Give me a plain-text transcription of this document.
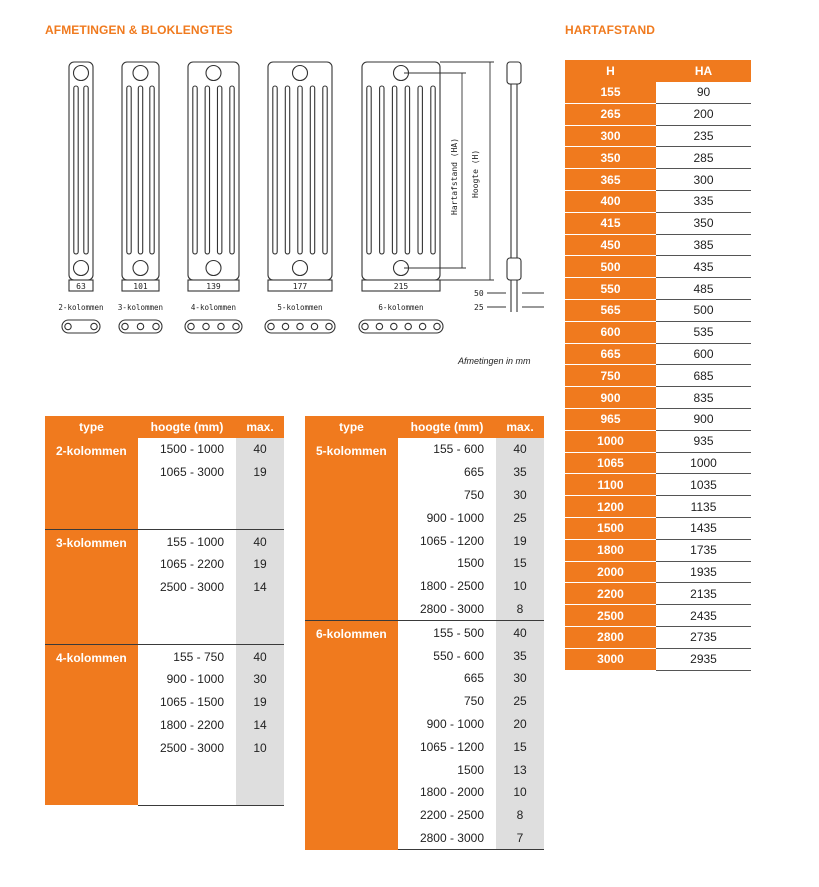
AFMETINGEN & BLOKLENGTES	HARTAFSTAND
50
25
Hartafstand (HA) Hoogte (H)
63
2-kolommen
101
3-kolommen
139
4-kolommen
177
5-kolommen
215
6-kolommen
Afmetingen in mm
type	hoogte (mm)	max.
2-kolommen	1500 - 1000	40
	1065 - 3000	19

3-kolommen	155 - 1000	40
	1065 - 2200	19
	2500 - 3000	14

4-kolommen	155 - 750	40
	900 - 1000	30
	1065 - 1500	19
	1800 - 2200	14
	2500 - 3000	10

type	hoogte (mm)	max.
5-kolommen	155 - 600	40
	665	35
	750	30
	900 - 1000	25
	1065 - 1200	19
	1500	15
	1800 - 2500	10
	2800 - 3000	8
6-kolommen	155 - 500	40
	550 - 600	35
	665	30
	750	25
	900 - 1000	20
	1065 - 1200	15
	1500	13
	1800 - 2000	10
	2200 - 2500	8
	2800 - 3000	7
H	HA
155	90
265	200
300	235
350	285
365	300
400	335
415	350
450	385
500	435
550	485
565	500
600	535
665	600
750	685
900	835
965	900
1000	935
1065	1000
1100	1035
1200	1135
1500	1435
1800	1735
2000	1935
2200	2135
2500	2435
2800	2735
3000	2935
